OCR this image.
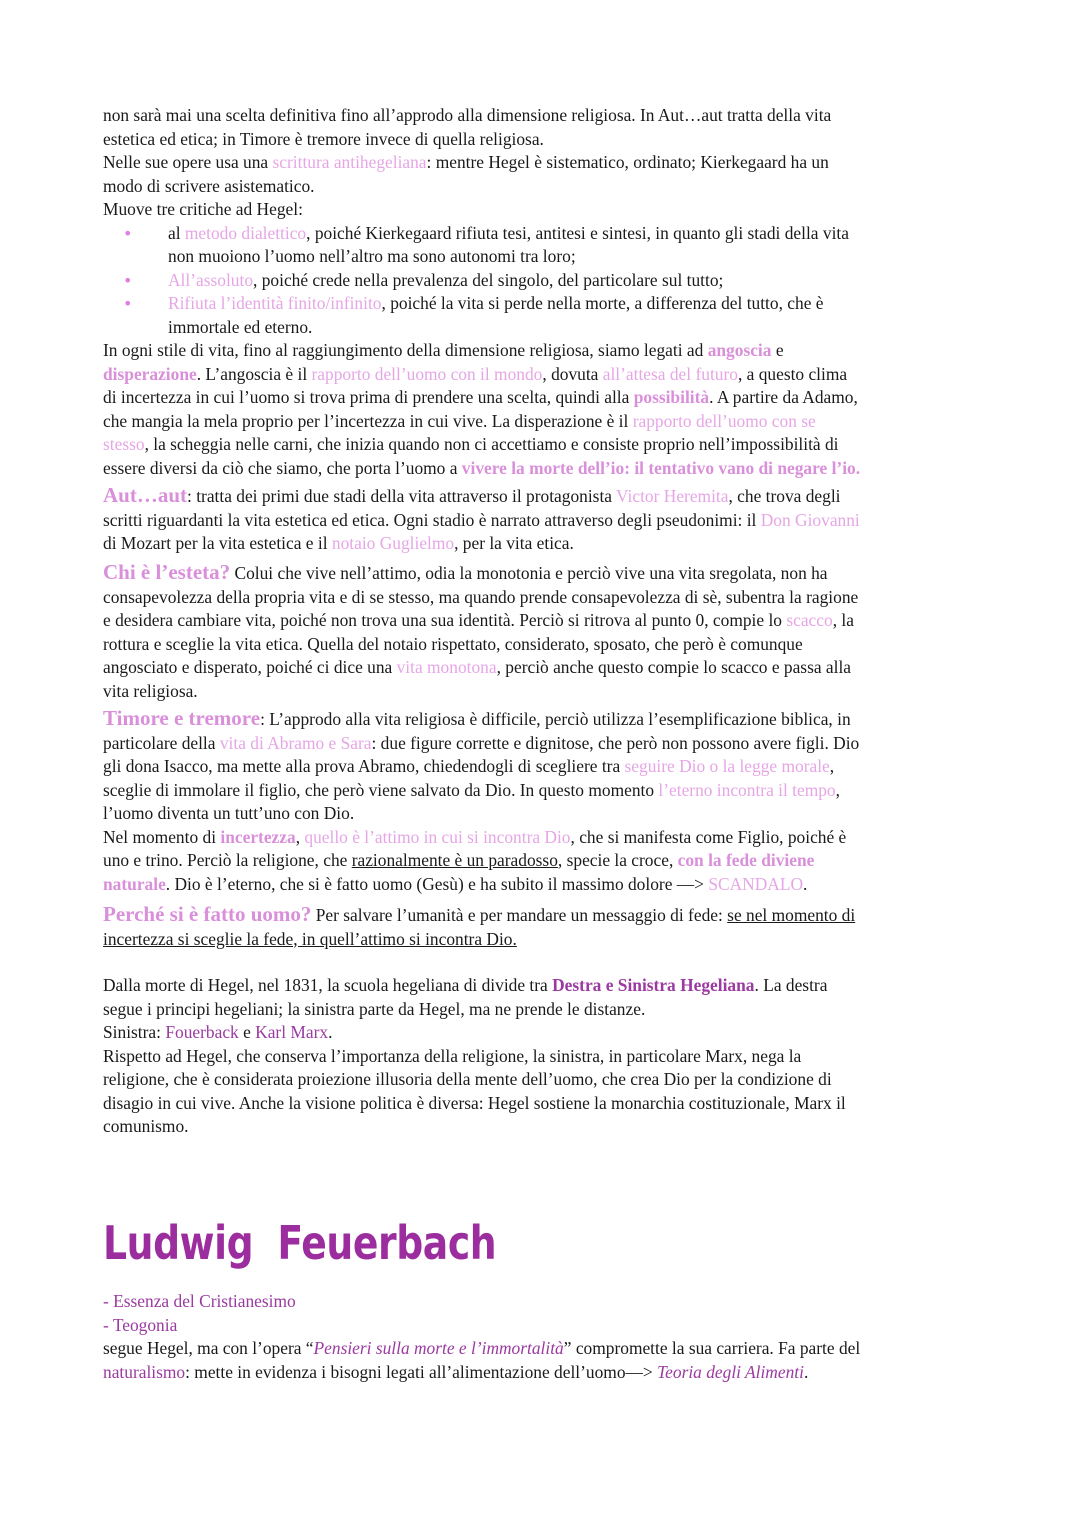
non sarà mai una scelta definitiva fino all’approdo alla dimensione religiosa. In Aut…aut tratta della vita

estetica ed etica; in Timore è tremore invece di quella religiosa.

Nelle sue opere usa una scrittura antihegeliana: mentre Hegel è sistematico, ordinato; Kierkegaard ha un

modo di scrivere asistematico.

Muove tre critiche ad Hegel:

• al metodo dialettico, poiché Kierkegaard rifiuta tesi, antitesi e sintesi, in quanto gli stadi della vita
non muoiono l’uomo nell’altro ma sono autonomi tra loro;
• All’assoluto, poiché crede nella prevalenza del singolo, del particolare sul tutto;
• Rifiuta l’identità finito/infinito, poiché la vita si perde nella morte, a differenza del tutto, che è
immortale ed eterno.

In ogni stile di vita, fino al raggiungimento della dimensione religiosa, siamo legati ad angoscia e

disperazione. L’angoscia è il rapporto dell’uomo con il mondo, dovuta all’attesa del futuro, a questo clima

di incertezza in cui l’uomo si trova prima di prendere una scelta, quindi alla possibilità. A partire da Adamo,

che mangia la mela proprio per l’incertezza in cui vive. La disperazione è il rapporto dell’uomo con se

stesso, la scheggia nelle carni, che inizia quando non ci accettiamo e consiste proprio nell’impossibilità di

essere diversi da ciò che siamo, che porta l’uomo a vivere la morte dell’io: il tentativo vano di negare l’io.

Aut…aut: tratta dei primi due stadi della vita attraverso il protagonista Victor Heremita, che trova degli

scritti riguardanti la vita estetica ed etica. Ogni stadio è narrato attraverso degli pseudonimi: il Don Giovanni

di Mozart per la vita estetica e il notaio Guglielmo, per la vita etica.

Chi è l’esteta? Colui che vive nell’attimo, odia la monotonia e perciò vive una vita sregolata, non ha

consapevolezza della propria vita e di se stesso, ma quando prende consapevolezza di sè, subentra la ragione

e desidera cambiare vita, poiché non trova una sua identità. Perciò si ritrova al punto 0, compie lo scacco, la

rottura e sceglie la vita etica. Quella del notaio rispettato, considerato, sposato, che però è comunque

angosciato e disperato, poiché ci dice una vita monotona, perciò anche questo compie lo scacco e passa alla

vita religiosa.

Timore e tremore: L’approdo alla vita religiosa è difficile, perciò utilizza l’esemplificazione biblica, in

particolare della vita di Abramo e Sara: due figure corrette e dignitose, che però non possono avere figli. Dio

gli dona Isacco, ma mette alla prova Abramo, chiedendogli di scegliere tra seguire Dio o la legge morale,

sceglie di immolare il figlio, che però viene salvato da Dio. In questo momento l’eterno incontra il tempo,

l’uomo diventa un tutt’uno con Dio.

Nel momento di incertezza, quello è l’attimo in cui si incontra Dio, che si manifesta come Figlio, poiché è

uno e trino. Perciò la religione, che razionalmente è un paradosso, specie la croce, con la fede diviene

naturale. Dio è l’eterno, che si è fatto uomo (Gesù) e ha subito il massimo dolore —> SCANDALO.

Perché si è fatto uomo? Per salvare l’umanità e per mandare un messaggio di fede: se nel momento di

incertezza si sceglie la fede, in quell’attimo si incontra Dio.

Dalla morte di Hegel, nel 1831, la scuola hegeliana di divide tra Destra e Sinistra Hegeliana. La destra

segue i principi hegeliani; la sinistra parte da Hegel, ma ne prende le distanze.

Sinistra: Fouerback e Karl Marx.

Rispetto ad Hegel, che conserva l’importanza della religione, la sinistra, in particolare Marx, nega la

religione, che è considerata proiezione illusoria della mente dell’uomo, che crea Dio per la condizione di

disagio in cui vive. Anche la visione politica è diversa: Hegel sostiene la monarchia costituzionale, Marx il

comunismo.

Ludwig Feuerbach

- Essenza del Cristianesimo

- Teogonia

segue Hegel, ma con l’opera “Pensieri sulla morte e l’immortalità” compromette la sua carriera. Fa parte del

naturalismo: mette in evidenza i bisogni legati all’alimentazione dell’uomo—> Teoria degli Alimenti.
